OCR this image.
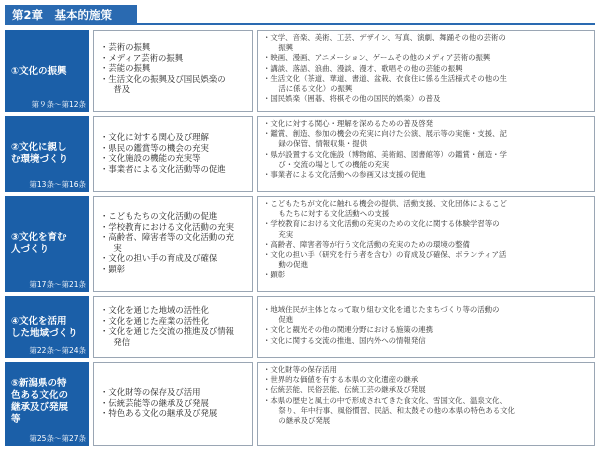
第2章　基本的施策
①文化の振興
第９条～第12条
・芸術の振興
・メディア芸術の振興
・芸能の振興
・生活文化の振興及び国民娯楽の
　普及
・文学、音楽、美術、工芸、デザイン、写真、演劇、舞踊その他の芸術の
　振興
・映画、漫画、アニメーション、ゲームその他のメディア芸術の振興
・講談、落語、浪曲、漫談、漫才、歌唱その他の芸能の振興
・生活文化（茶道、華道、書道、盆栽、衣食住に係る生活様式その他の生
　活に係る文化）の振興
・国民娯楽（囲碁、将棋その他の国民的娯楽）の普及
②文化に親し
む環境づくり
第13条～第16条
・文化に対する関心及び理解
・県民の鑑賞等の機会の充実
・文化施設の機能の充実等
・事業者による文化活動等の促進
・文化に対する関心・理解を深めるための普及啓発
・鑑賞、創造、参加の機会の充実に向けた公演、展示等の実施・支援、記
　録の保管、情報収集・提供
・県が設置する文化施設（博物館、美術館、図書館等）の鑑賞・創造・学
　び・交流の場としての機能の充実
・事業者による文化活動への参画又は支援の促進
③文化を育む
人づくり
第17条～第21条
・こどもたちの文化活動の促進
・学校教育における文化活動の充実
・高齢者、障害者等の文化活動の充
　実
・文化の担い手の育成及び確保
・顕彰
・こどもたちが文化に触れる機会の提供、活動支援、文化団体によるこど
　もたちに対する文化活動への支援
・学校教育における文化活動の充実のための文化に関する体験学習等の
　充実
・高齢者、障害者等が行う文化活動の充実のための環境の整備
・文化の担い手（研究を行う者を含む）の育成及び確保、ボランティア活
　動の促進
・顕彰
④文化を活用
した地域づくり
第22条～第24条
・文化を通じた地域の活性化
・文化を通じた産業の活性化
・文化を通じた交流の推進及び情報
　発信
・地域住民が主体となって取り組む文化を通じたまちづくり等の活動の
　促進
・文化と観光その他の関連分野における施策の連携
・文化に関する交流の推進、国内外への情報発信
⑤新潟県の特
色ある文化の
継承及び発展
等
第25条～第27条
・文化財等の保存及び活用
・伝統芸能等の継承及び発展
・特色ある文化の継承及び発展
・文化財等の保存活用
・世界的な価値を有する本県の文化遺産の継承
・伝統芸能、民俗芸能、伝統工芸の継承及び発展
・本県の歴史と風土の中で形成されてきた食文化、雪国文化、温泉文化、
　祭り、年中行事、風俗慣習、民話、和太鼓その他の本県の特色ある文化
　の継承及び発展
